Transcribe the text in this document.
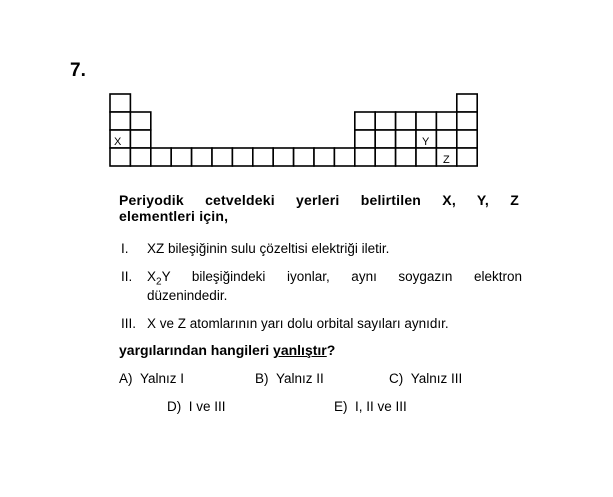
7.
X	Y
Z
Periyodik cetveldeki yerleri belirtilen X, Y, Z
elementleri için,
I. XZ bileşiğinin sulu çözeltisi elektriği iletir.
II. $X_2Y$ bileşiğindeki iyonlar, aynı soygazın elektron
düzenindedir.
III. X ve Z atomlarının yarı dolu orbital sayıları aynıdır.
yargılarından hangileri yanlıştır?
A) Yalnız I	B) Yalnız II	C) Yalnız III
D) I ve III	E) I, II ve III
